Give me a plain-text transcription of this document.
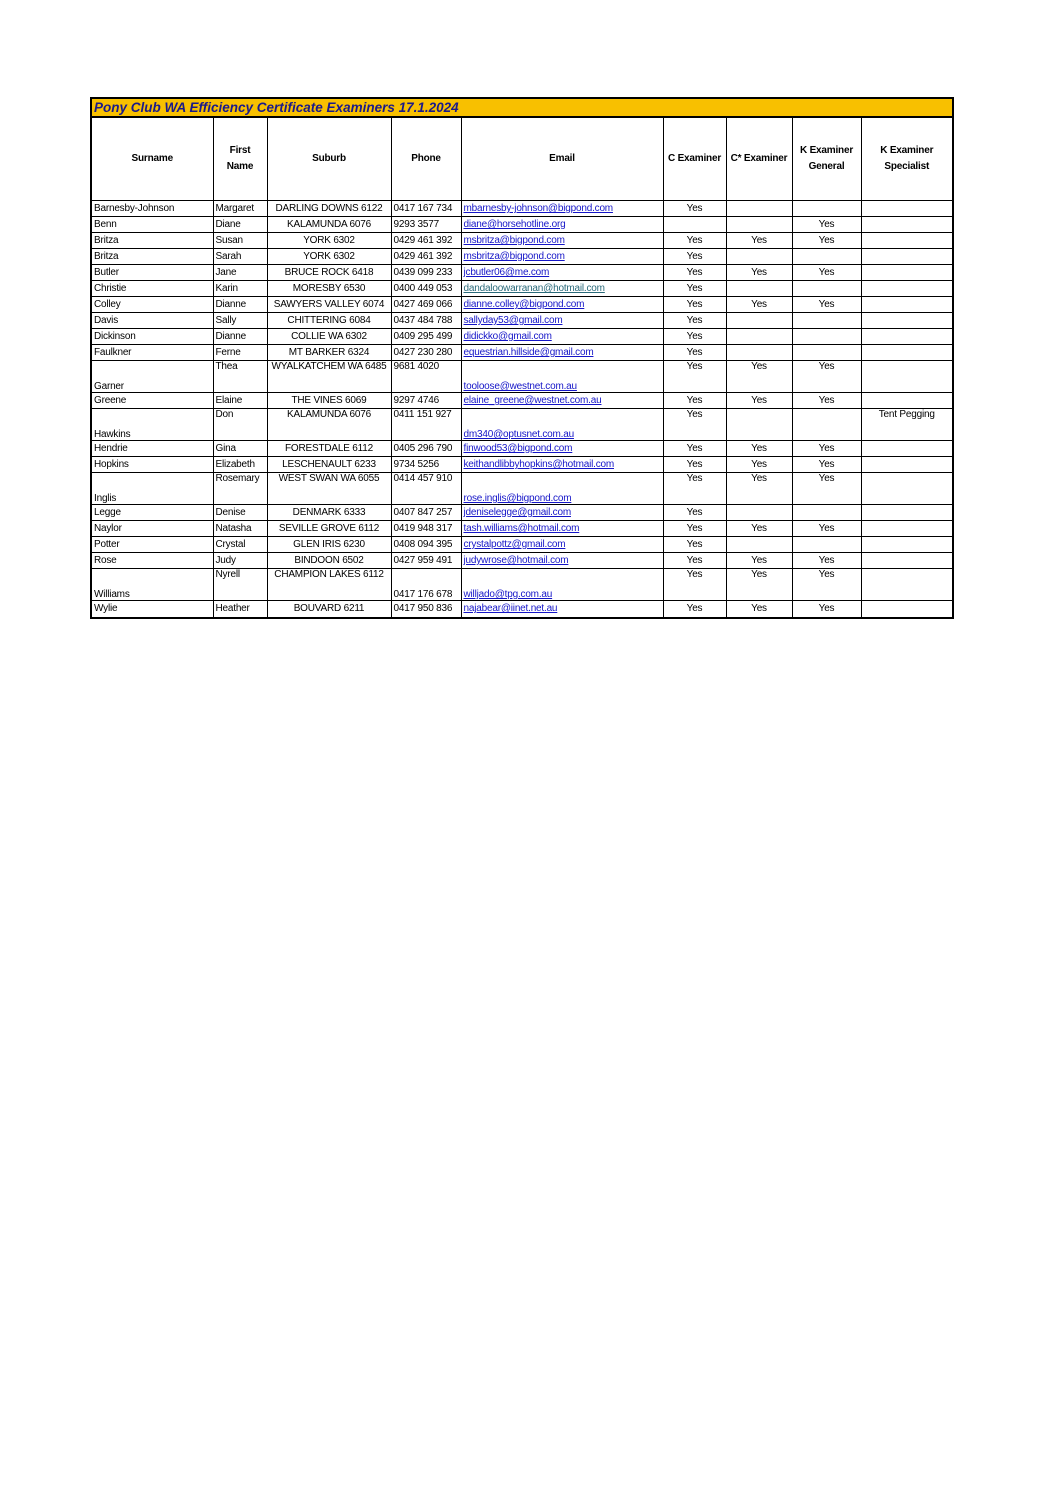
Pony Club WA Efficiency Certificate Examiners 17.1.2024
Surname	First Name	Suburb	Phone	Email	C Examiner	C* Examiner	K Examiner General	K Examiner Specialist
Barnesby-Johnson	Margaret	DARLING DOWNS 6122	0417 167 734	mbarnesby-johnson@bigpond.com	Yes			
Benn	Diane	KALAMUNDA 6076	9293 3577	diane@horsehotline.org			Yes	
Britza	Susan	YORK 6302	0429 461 392	msbritza@bigpond.com	Yes	Yes	Yes	
Britza	Sarah	YORK 6302	0429 461 392	msbritza@bigpond.com	Yes			
Butler	Jane	BRUCE ROCK 6418	0439 099 233	jcbutler06@me.com	Yes	Yes	Yes	
Christie	Karin	MORESBY 6530	0400 449 053	dandaloowarranan@hotmail.com	Yes			
Colley	Dianne	SAWYERS VALLEY 6074	0427 469 066	dianne.colley@bigpond.com	Yes	Yes	Yes	
Davis	Sally	CHITTERING 6084	0437 484 788	sallyday53@gmail.com	Yes			
Dickinson	Dianne	COLLIE WA 6302	0409 295 499	didickko@gmail.com	Yes			
Faulkner	Ferne	MT BARKER 6324	0427 230 280	equestrian.hillside@gmail.com	Yes			
Garner	Thea	WYALKATCHEM WA 6485	9681 4020	tooloose@westnet.com.au	Yes	Yes	Yes	
Greene	Elaine	THE VINES 6069	9297 4746	elaine_greene@westnet.com.au	Yes	Yes	Yes	
Hawkins	Don	KALAMUNDA 6076	0411 151 927	dm340@optusnet.com.au	Yes			Tent Pegging
Hendrie	Gina	FORESTDALE 6112	0405 296 790	finwood53@bigpond.com	Yes	Yes	Yes	
Hopkins	Elizabeth	LESCHENAULT 6233	9734 5256	keithandlibbyhopkins@hotmail.com	Yes	Yes	Yes	
Inglis	Rosemary	WEST SWAN WA 6055	0414 457 910	rose.inglis@bigpond.com	Yes	Yes	Yes	
Legge	Denise	DENMARK 6333	0407 847 257	jdeniselegge@gmail.com	Yes			
Naylor	Natasha	SEVILLE GROVE 6112	0419 948 317	tash.williams@hotmail.com	Yes	Yes	Yes	
Potter	Crystal	GLEN IRIS 6230	0408 094 395	crystalpottz@gmail.com	Yes			
Rose	Judy	BINDOON 6502	0427 959 491	judywrose@hotmail.com	Yes	Yes	Yes	
Williams	Nyrell	CHAMPION LAKES 6112	0417 176 678	willjado@tpg.com.au	Yes	Yes	Yes	
Wylie	Heather	BOUVARD 6211	0417 950 836	najabear@iinet.net.au	Yes	Yes	Yes	
